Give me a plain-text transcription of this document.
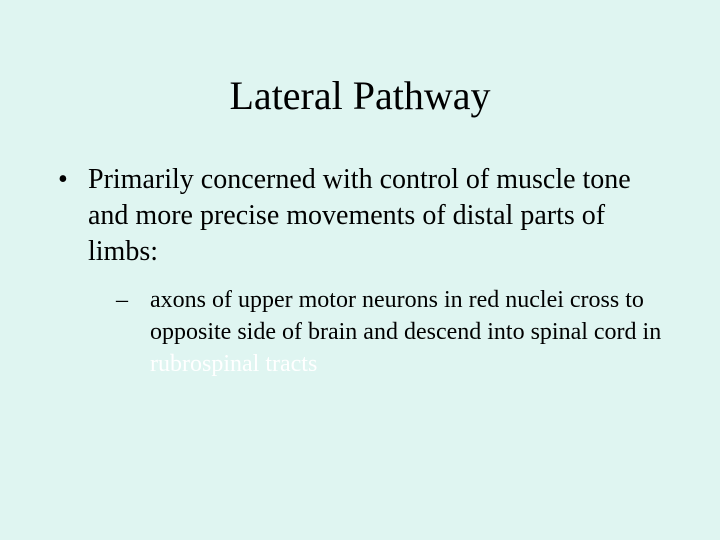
Lateral Pathway
• Primarily concerned with control of muscle tone and more precise movements of distal parts of limbs:
– axons of upper motor neurons in red nuclei cross to opposite side of brain and descend into spinal cord in rubrospinal tracts
